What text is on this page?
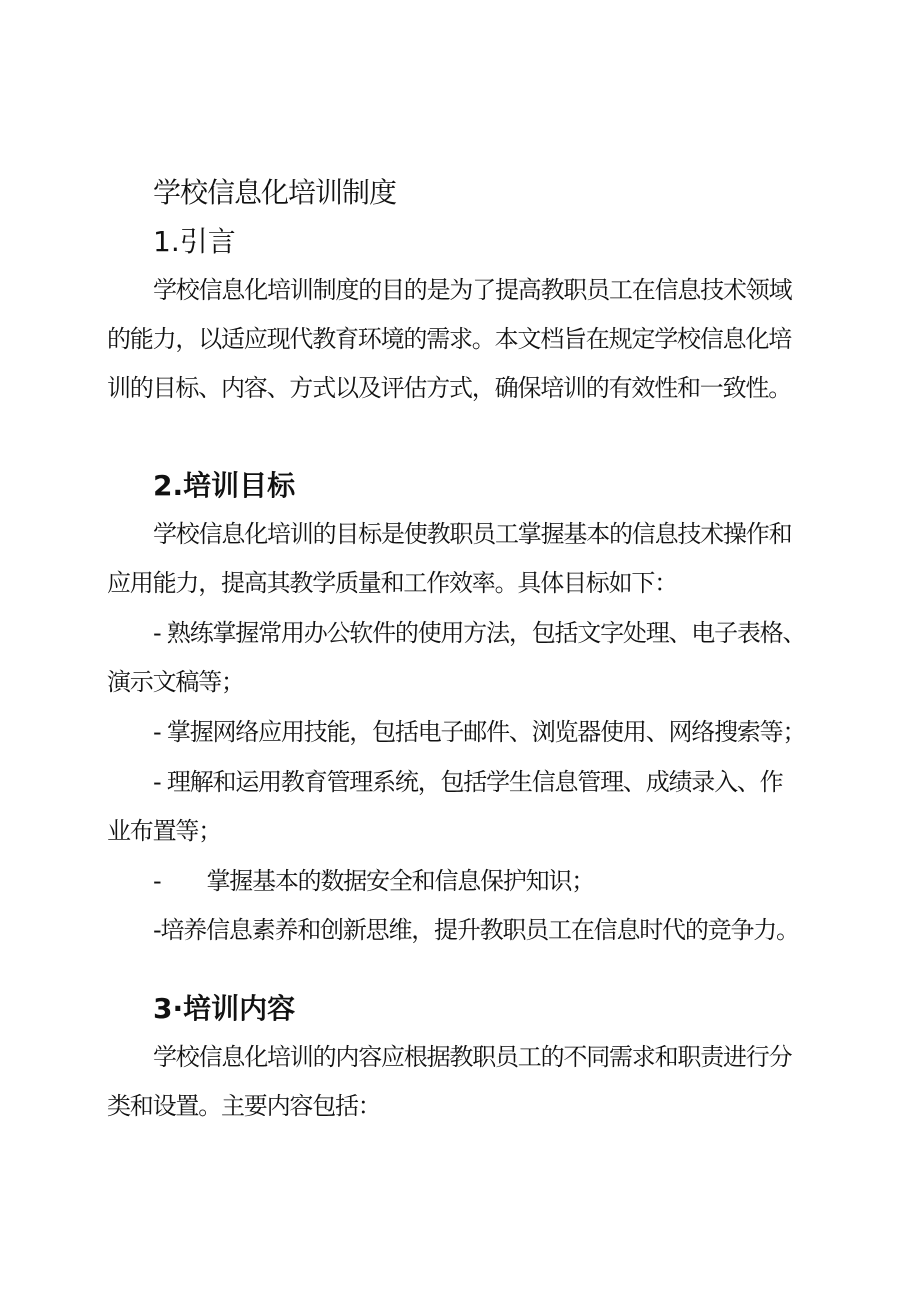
学校信息化培训制度
1.引言
学校信息化培训制度的目的是为了提高教职员工在信息技术领域
的能力，以适应现代教育环境的需求。本文档旨在规定学校信息化培
训的目标、内容、方式以及评估方式，确保培训的有效性和一致性。
2.培训目标
学校信息化培训的目标是使教职员工掌握基本的信息技术操作和
应用能力，提高其教学质量和工作效率。具体目标如下：
- 熟练掌握常用办公软件的使用方法，包括文字处理、电子表格、
演示文稿等；
- 掌握网络应用技能，包括电子邮件、浏览器使用、网络搜索等；
- 理解和运用教育管理系统，包括学生信息管理、成绩录入、作
业布置等；
- 掌握基本的数据安全和信息保护知识；
-培养信息素养和创新思维，提升教职员工在信息时代的竞争力。
3·培训内容
学校信息化培训的内容应根据教职员工的不同需求和职责进行分
类和设置。主要内容包括：
